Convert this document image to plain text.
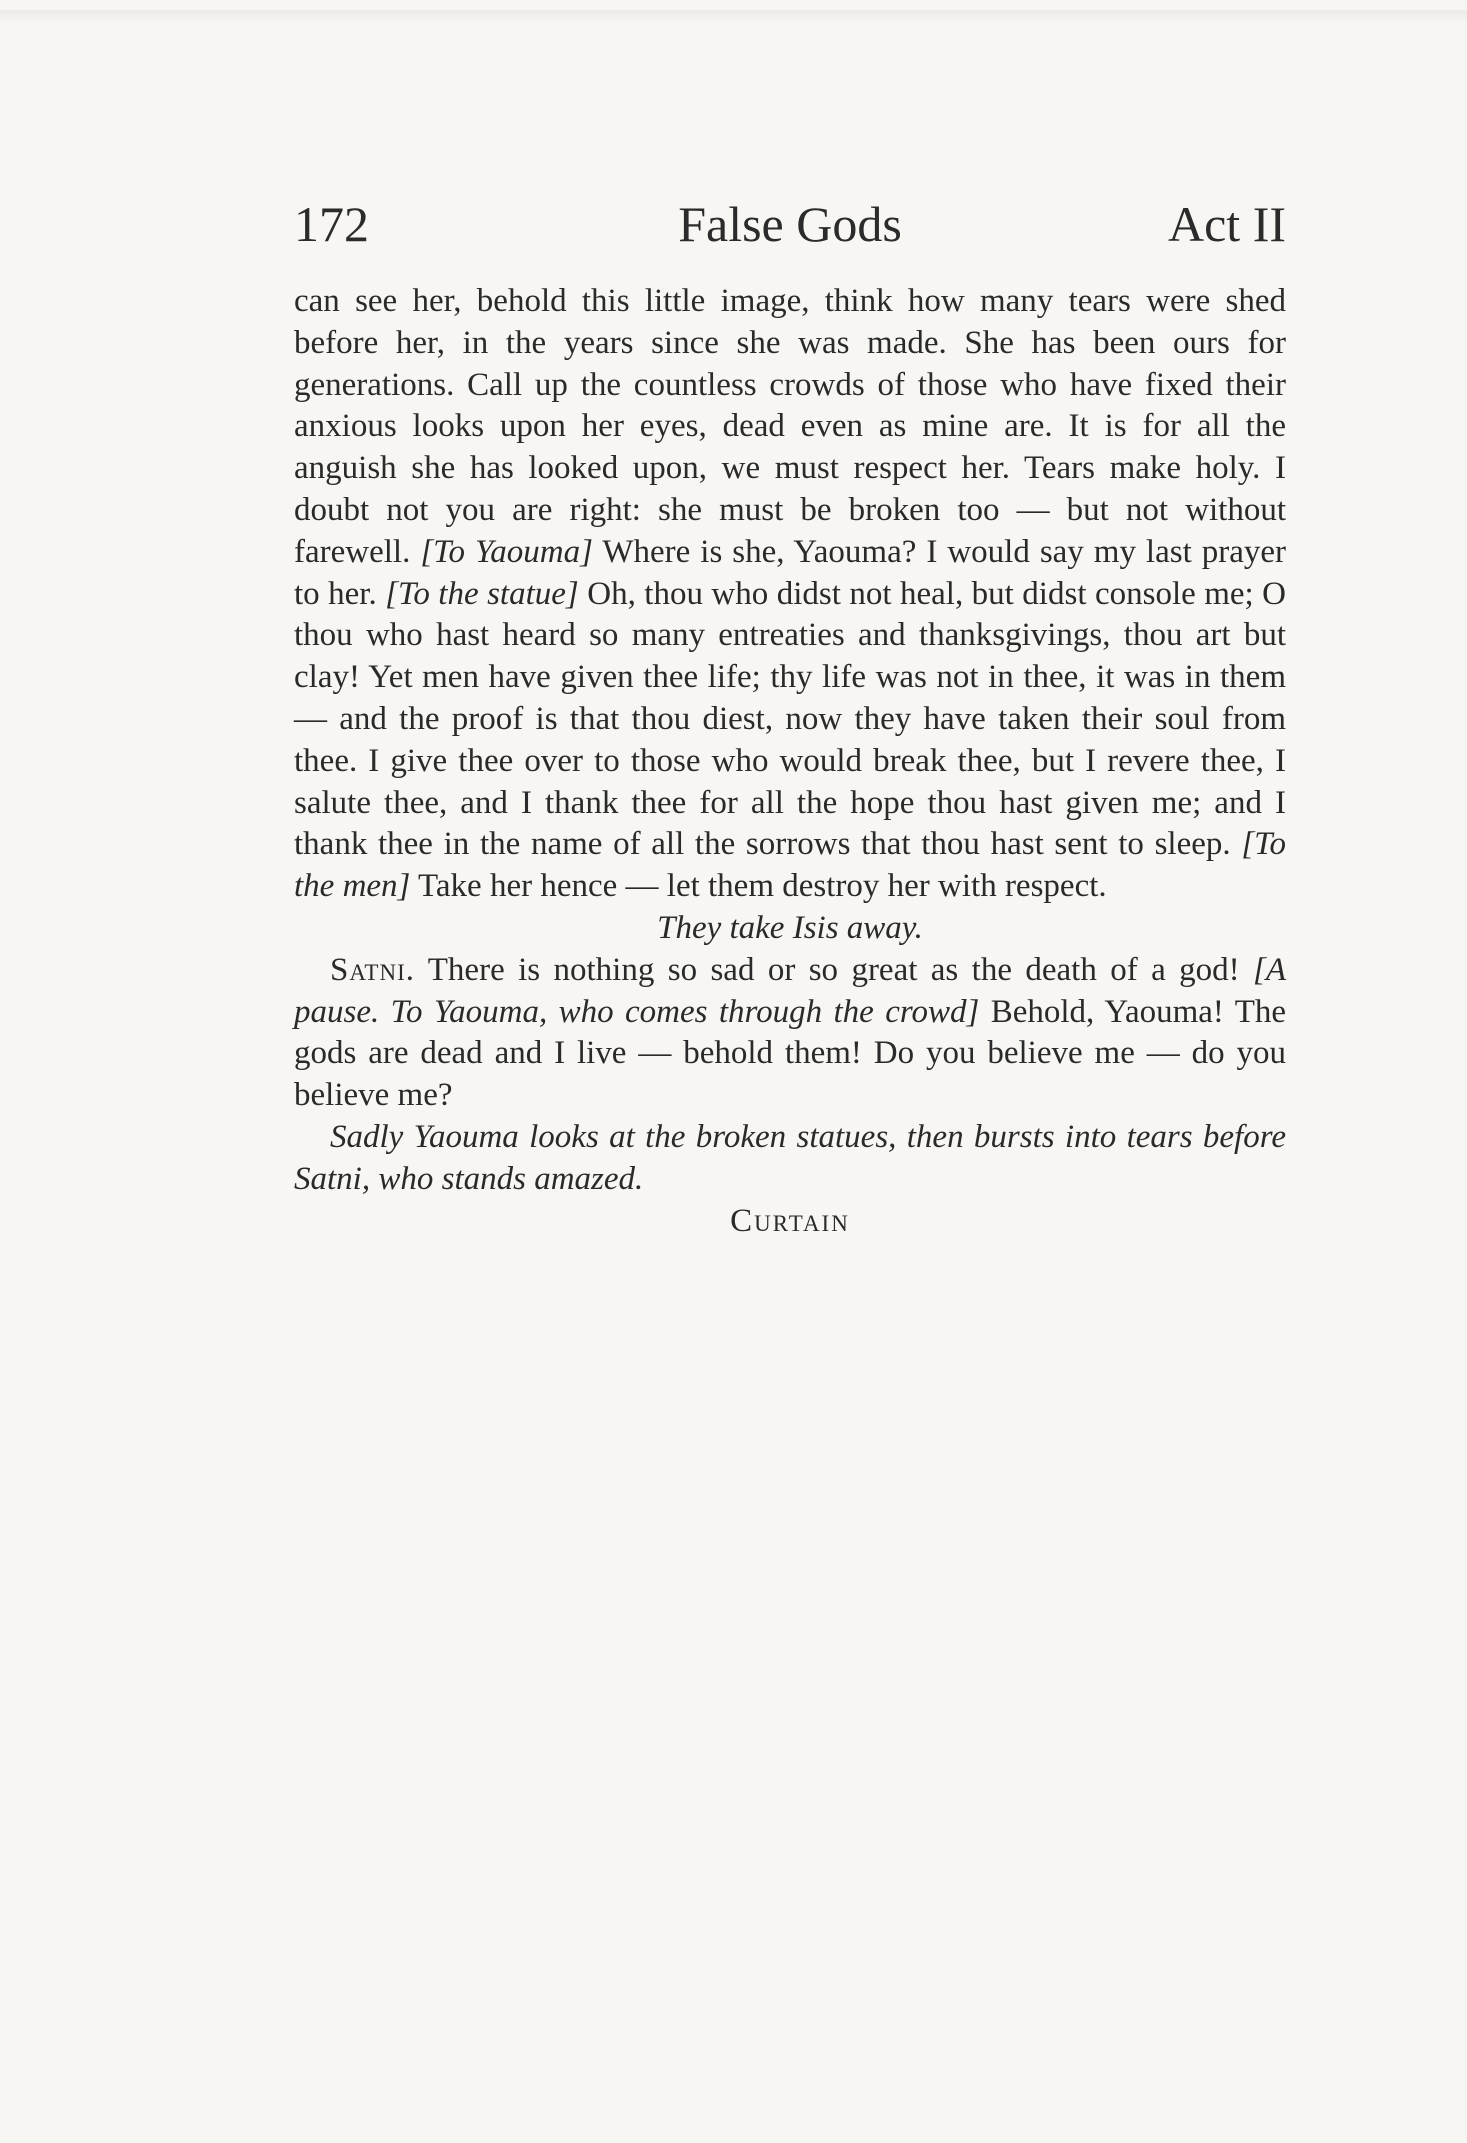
172	False Gods	Act II

can see her, behold this little image, think how many tears were shed before her, in the years since she was made. She has been ours for generations. Call up the countless crowds of those who have fixed their anxious looks upon her eyes, dead even as mine are. It is for all the anguish she has looked upon, we must respect her. Tears make holy. I doubt not you are right: she must be broken too — but not without farewell. [To Yaouma] Where is she, Yaouma? I would say my last prayer to her. [To the statue] Oh, thou who didst not heal, but didst console me; O thou who hast heard so many entreaties and thanksgivings, thou art but clay! Yet men have given thee life; thy life was not in thee, it was in them — and the proof is that thou diest, now they have taken their soul from thee. I give thee over to those who would break thee, but I revere thee, I salute thee, and I thank thee for all the hope thou hast given me; and I thank thee in the name of all the sorrows that thou hast sent to sleep. [To the men] Take her hence — let them destroy her with respect.

They take Isis away.

Satni. There is nothing so sad or so great as the death of a god! [A pause. To Yaouma, who comes through the crowd] Behold, Yaouma! The gods are dead and I live — behold them! Do you believe me — do you believe me?

Sadly Yaouma looks at the broken statues, then bursts into tears before Satni, who stands amazed.

Curtain
